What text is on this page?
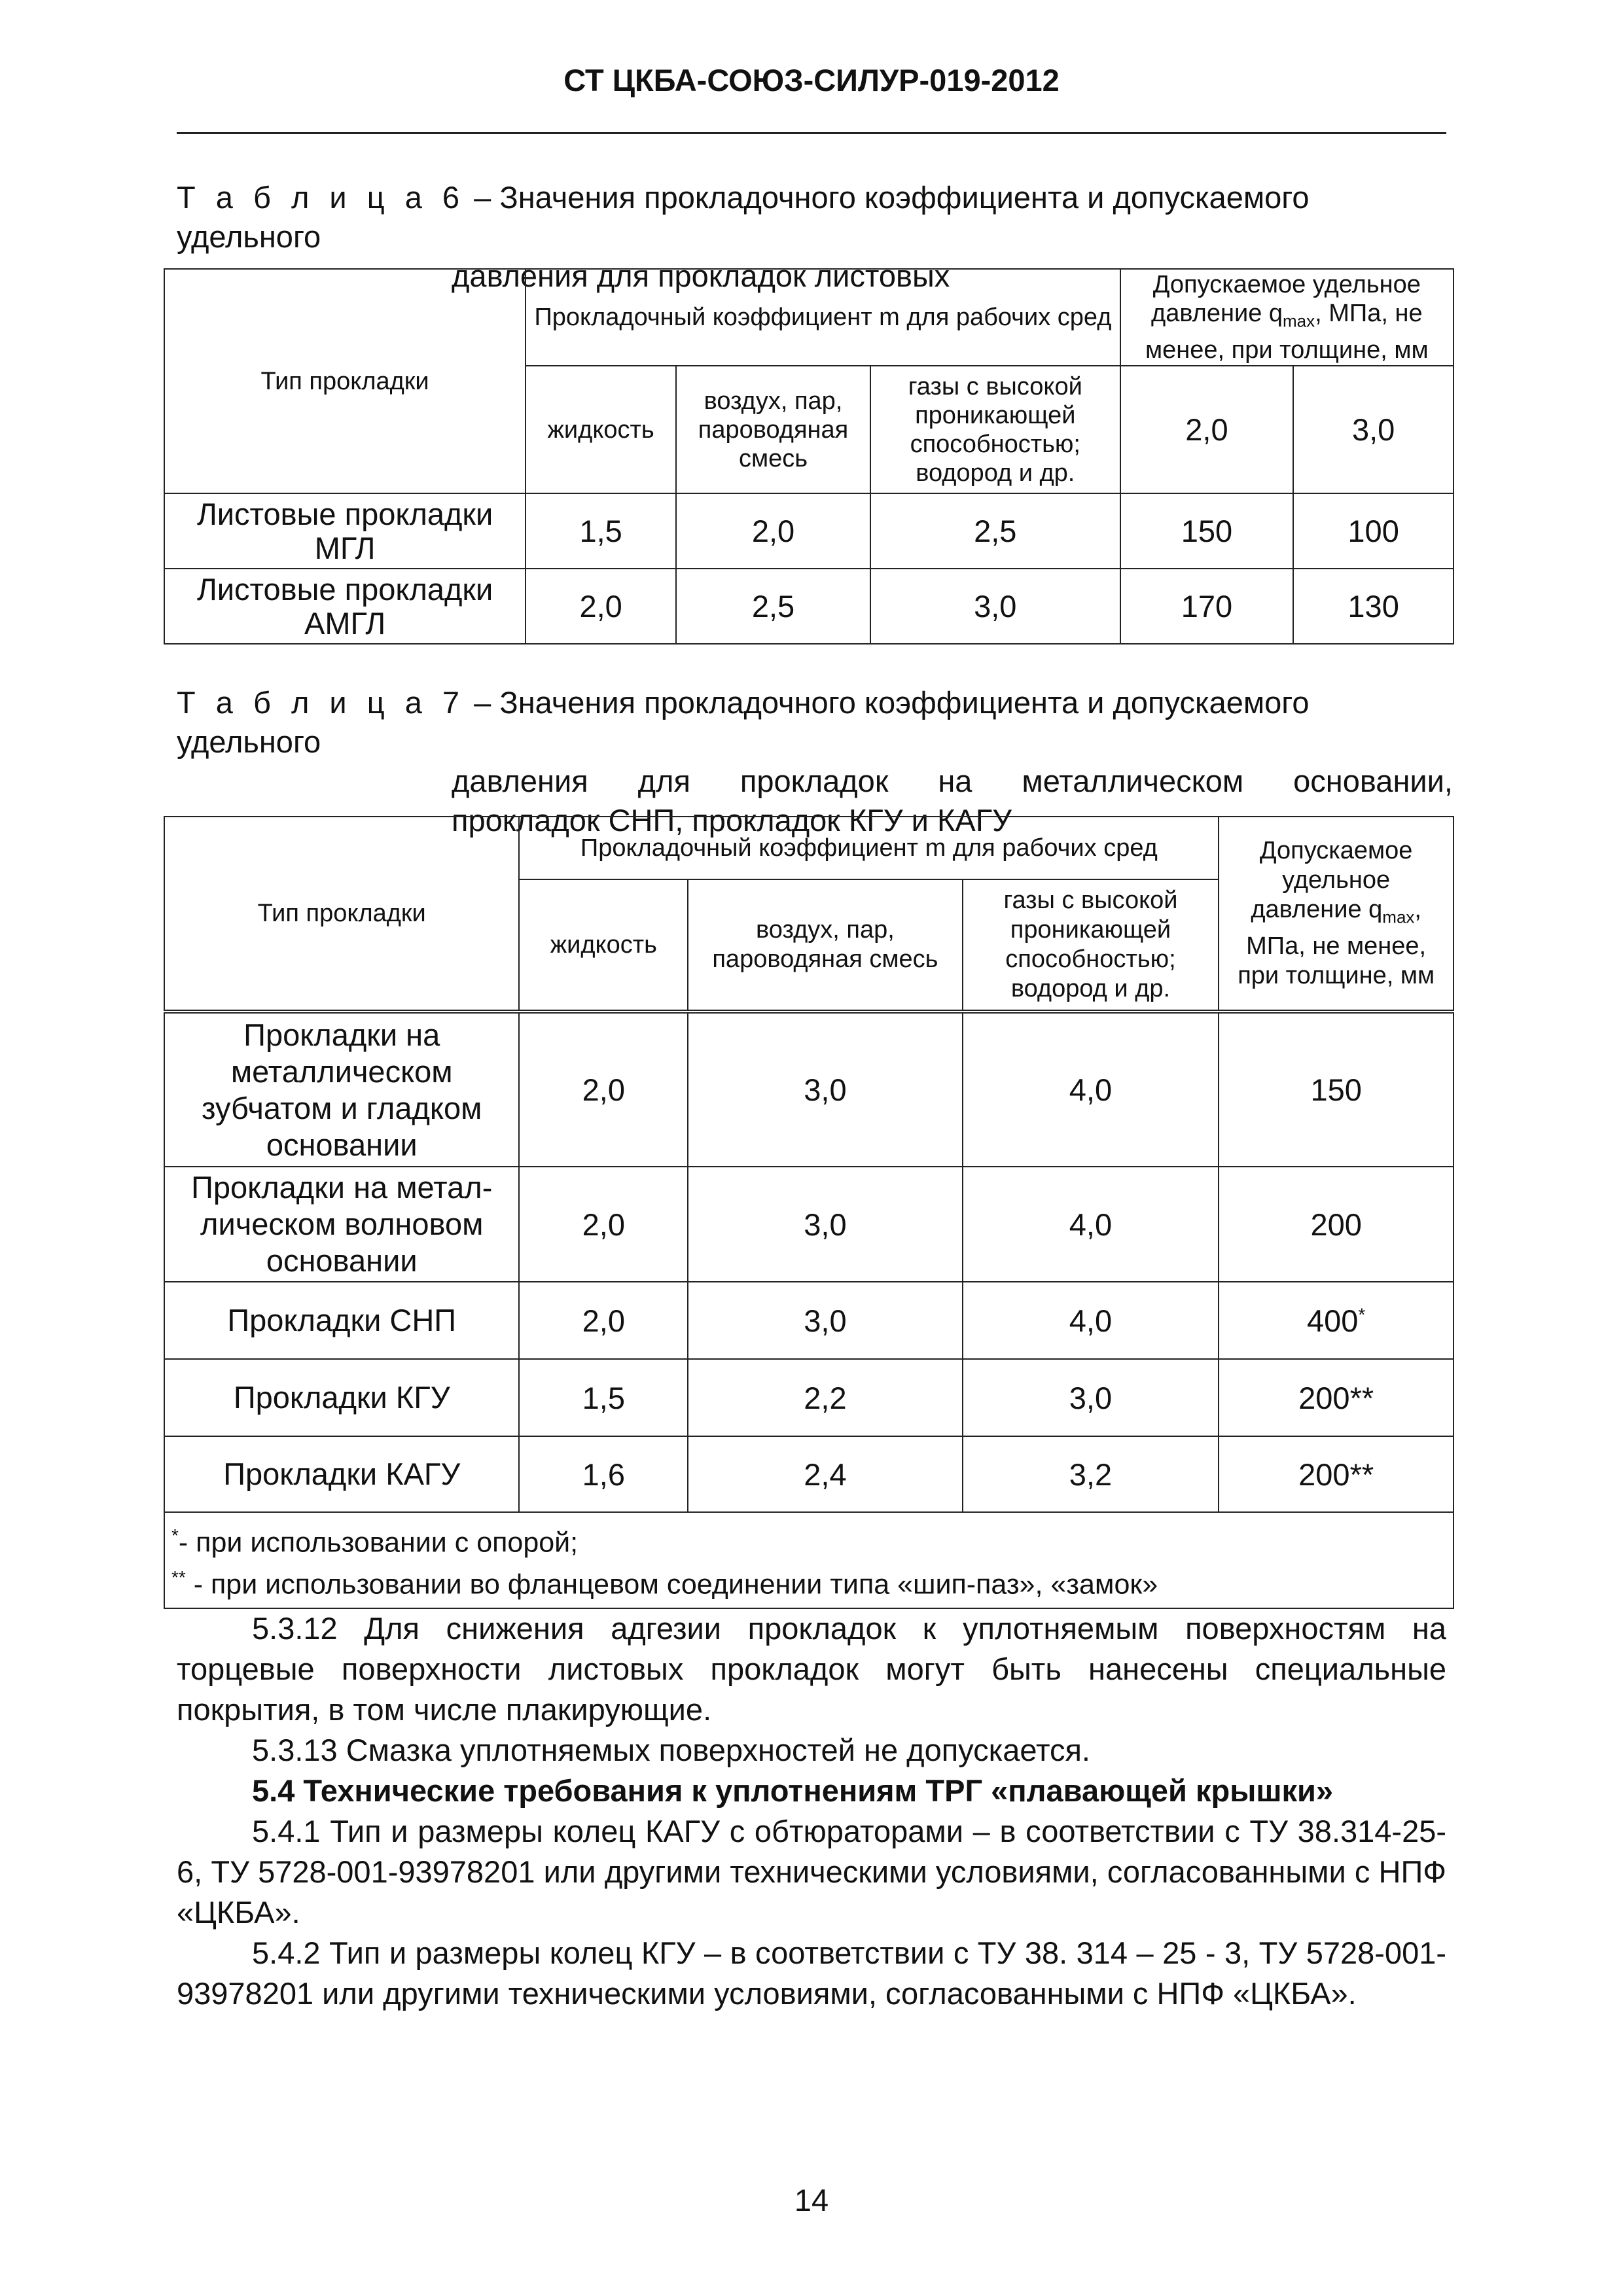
СТ ЦКБА-СОЮЗ-СИЛУР-019-2012
Т а б л и ц а 6 – Значения прокладочного коэффициента и допускаемого удельного
давления для прокладок листовых
Тип прокладки	Прокладочный коэффициент m для рабочих сред			Допускаемое удельное давление $q_{max}$, МПа, не менее, при толщине, мм	
	жидкость	воздух, пар, пароводяная смесь	газы с высокой проникающей способностью; водород и др.	2,0	3,0
Листовые прокладки МГЛ	1,5	2,0	2,5	150	100
Листовые прокладки АМГЛ	2,0	2,5	3,0	170	130
Т а б л и ц а 7 – Значения прокладочного коэффициента и допускаемого удельного
давления для прокладок на металлическом основании,
прокладок СНП, прокладок КГУ и КАГУ
Тип прокладки	Прокладочный коэффициент m для рабочих сред			Допускаемое удельное давление $q_{max}$, МПа, не менее, при толщине, мм
	жидкость	воздух, пар, пароводяная смесь	газы с высокой проникающей способностью; водород и др.	
Прокладки на металлическом зубчатом и гладком основании	2,0	3,0	4,0	150
Прокладки на метал-лическом волновом основании	2,0	3,0	4,0	200
Прокладки СНП	2,0	3,0	4,0	400*
Прокладки КГУ	1,5	2,2	3,0	200**
Прокладки КАГУ	1,6	2,4	3,2	200**

*- при использовании с опорой;
** - при использовании во фланцевом соединении типа «шип-паз», «замок»				
5.3.12 Для снижения адгезии прокладок к уплотняемым поверхностям на торцевые поверхности листовых прокладок могут быть нанесены специальные покрытия, в том числе плакирующие.
5.3.13 Смазка уплотняемых поверхностей не допускается.
5.4 Технические требования к уплотнениям ТРГ «плавающей крышки»
5.4.1 Тип и размеры колец КАГУ с обтюраторами – в соответствии с ТУ 38.314-25-6, ТУ 5728-001-93978201 или другими техническими условиями, согласованными с НПФ «ЦКБА».
5.4.2 Тип и размеры колец КГУ – в соответствии с ТУ 38. 314 – 25 - 3, ТУ 5728-001-93978201 или другими техническими условиями, согласованными с НПФ «ЦКБА».
14
